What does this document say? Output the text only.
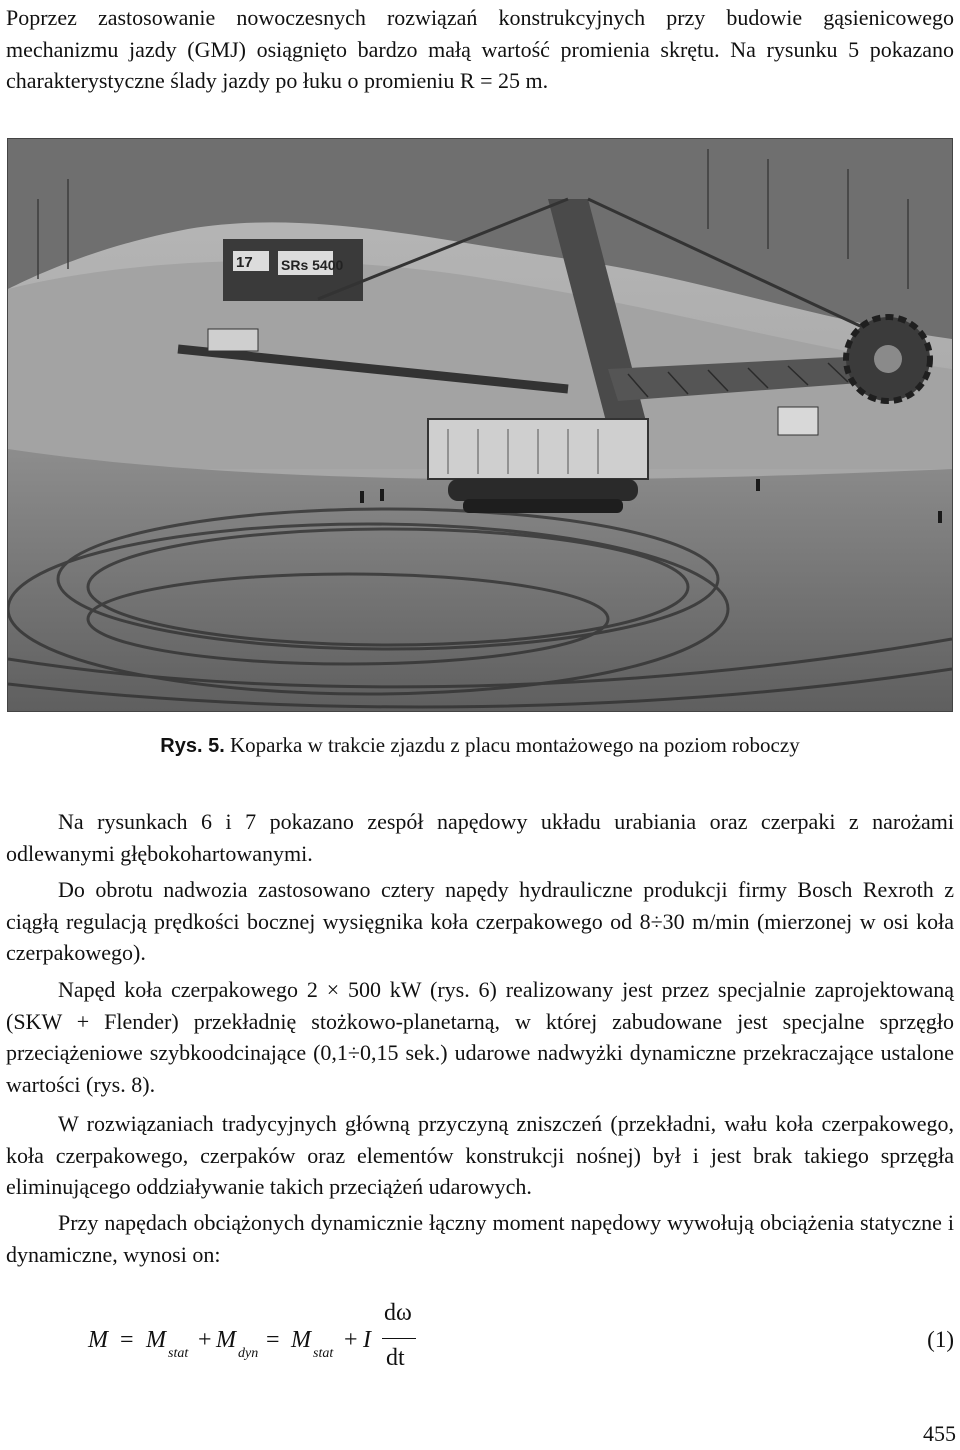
Poprzez zastosowanie nowoczesnych rozwiązań konstrukcyjnych przy budowie gąsienicowego mechanizmu jazdy (GMJ) osiągnięto bardzo małą wartość promienia skrętu. Na rysunku 5 pokazano charakterystyczne ślady jazdy po łuku o promieniu R = 25 m.

17 SRs 5400
Rys. 5. Koparka w trakcie zjazdu z placu montażowego na poziom roboczy

Na rysunkach 6 i 7 pokazano zespół napędowy układu urabiania oraz czerpaki z narożami odlewanymi głębokohartowanymi.

Do obrotu nadwozia zastosowano cztery napędy hydrauliczne produkcji firmy Bosch Rexroth z ciągłą regulacją prędkości bocznej wysięgnika koła czerpakowego od 8÷30 m/min (mierzonej w osi koła czerpakowego).

Napęd koła czerpakowego 2 × 500 kW (rys. 6) realizowany jest przez specjalnie zaprojektowaną (SKW + Flender) przekładnię stożkowo-planetarną, w której zabudowane jest specjalne sprzęgło przeciążeniowe szybkoodcinające (0,1÷0,15 sek.) udarowe nadwyżki dynamiczne przekraczające ustalone wartości (rys. 8).

W rozwiązaniach tradycyjnych główną przyczyną zniszczeń (przekładni, wału koła czerpakowego, koła czerpakowego, czerpaków oraz elementów konstrukcji nośnej) był i jest brak takiego sprzęgła eliminującego oddziaływanie takich przeciążeń udarowych.

Przy napędach obciążonych dynamicznie łączny moment napędowy wywołują obciążenia statyczne i dynamiczne, wynosi on:

M = M
stat
+ M
dyn
= M
stat
+ I
dω
dt
(1)
455
